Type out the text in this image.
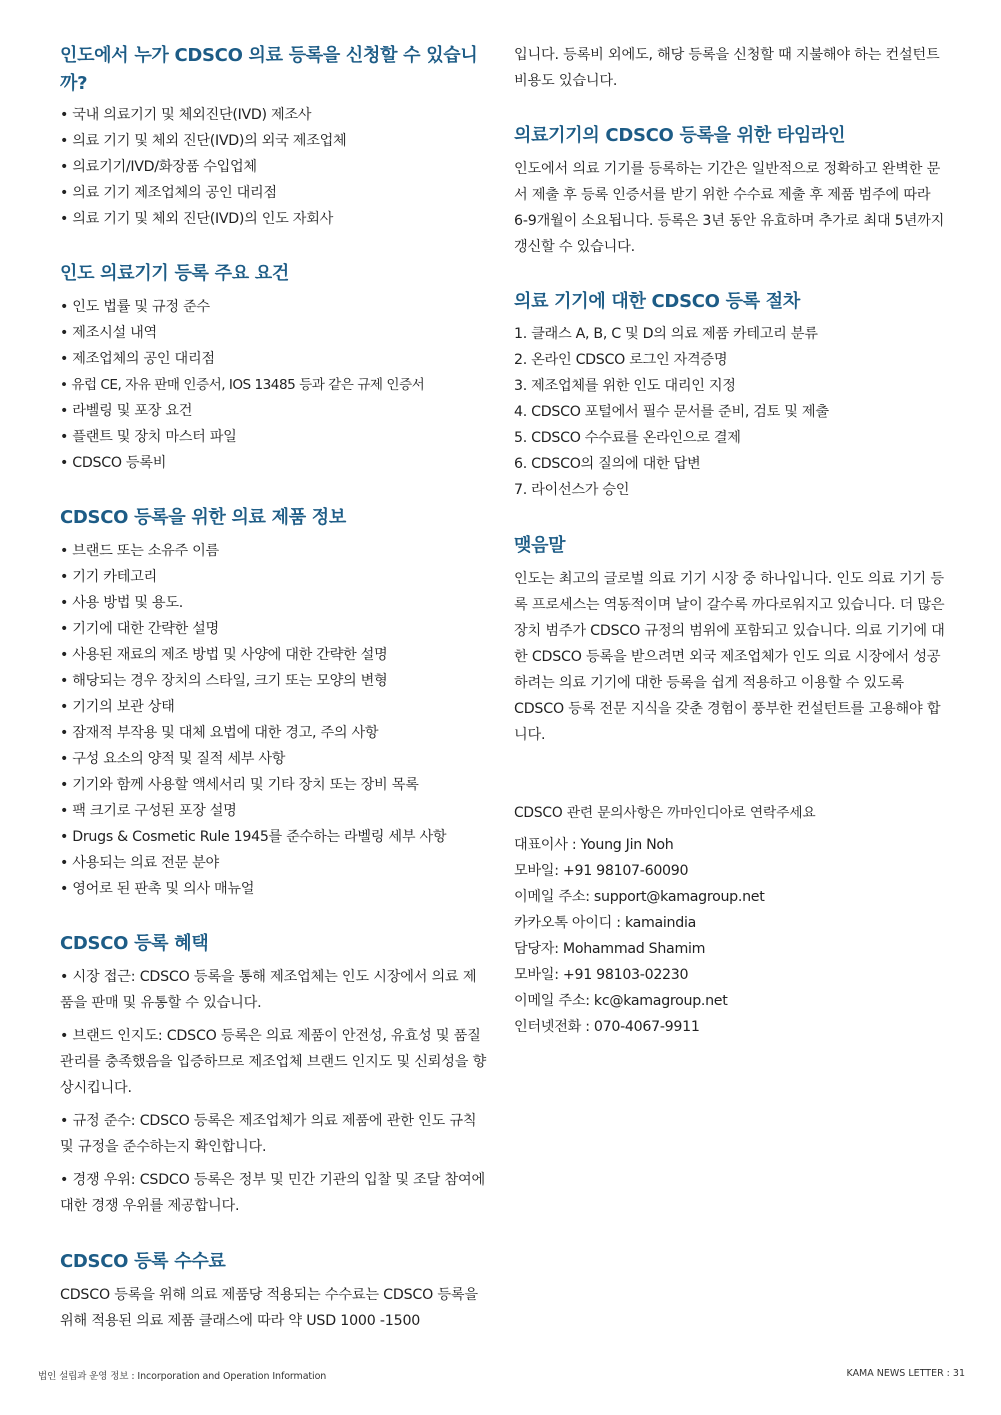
인도에서 누가 CDSCO 의료 등록을 신청할 수 있습니까?
• 국내 의료기기 및 체외진단(IVD) 제조사
• 의료 기기 및 체외 진단(IVD)의 외국 제조업체
• 의료기기/IVD/화장품 수입업체
• 의료 기기 제조업체의 공인 대리점
• 의료 기기 및 체외 진단(IVD)의 인도 자회사
인도 의료기기 등록 주요 요건
• 인도 법률 및 규정 준수
• 제조시설 내역
• 제조업체의 공인 대리점
• 유럽 CE, 자유 판매 인증서, IOS 13485 등과 같은 규제 인증서
• 라벨링 및 포장 요건
• 플랜트 및 장치 마스터 파일
• CDSCO 등록비
CDSCO 등록을 위한 의료 제품 정보
• 브랜드 또는 소유주 이름
• 기기 카테고리
• 사용 방법 및 용도.
• 기기에 대한 간략한 설명
• 사용된 재료의 제조 방법 및 사양에 대한 간략한 설명
• 해당되는 경우 장치의 스타일, 크기 또는 모양의 변형
• 기기의 보관 상태
• 잠재적 부작용 및 대체 요법에 대한 경고, 주의 사항
• 구성 요소의 양적 및 질적 세부 사항
• 기기와 함께 사용할 액세서리 및 기타 장치 또는 장비 목록
• 팩 크기로 구성된 포장 설명
• Drugs & Cosmetic Rule 1945를 준수하는 라벨링 세부 사항
• 사용되는 의료 전문 분야
• 영어로 된 판촉 및 의사 매뉴얼
CDSCO 등록 혜택

• 시장 접근: CDSCO 등록을 통해 제조업체는 인도 시장에서 의료 제품을 판매 및 유통할 수 있습니다.

• 브랜드 인지도: CDSCO 등록은 의료 제품이 안전성, 유효성 및 품질 관리를 충족했음을 입증하므로 제조업체 브랜드 인지도 및 신뢰성을 향상시킵니다.

• 규정 준수: CDSCO 등록은 제조업체가 의료 제품에 관한 인도 규칙 및 규정을 준수하는지 확인합니다.

• 경쟁 우위: CSDCO 등록은 정부 및 민간 기관의 입찰 및 조달 참여에 대한 경쟁 우위를 제공합니다.

CDSCO 등록 수수료

CDSCO 등록을 위해 의료 제품당 적용되는 수수료는 CDSCO 등록을 위해 적용된 의료 제품 클래스에 따라 약 USD 1000 -1500

입니다. 등록비 외에도, 해당 등록을 신청할 때 지불해야 하는 컨설턴트 비용도 있습니다.

의료기기의 CDSCO 등록을 위한 타임라인

인도에서 의료 기기를 등록하는 기간은 일반적으로 정확하고 완벽한 문서 제출 후 등록 인증서를 받기 위한 수수료 제출 후 제품 범주에 따라 6-9개월이 소요됩니다. 등록은 3년 동안 유효하며 추가로 최대 5년까지 갱신할 수 있습니다.

의료 기기에 대한 CDSCO 등록 절차
1. 클래스 A, B, C 및 D의 의료 제품 카테고리 분류
2. 온라인 CDSCO 로그인 자격증명
3. 제조업체를 위한 인도 대리인 지정
4. CDSCO 포털에서 필수 문서를 준비, 검토 및 제출
5. CDSCO 수수료를 온라인으로 결제
6. CDSCO의 질의에 대한 답변
7. 라이선스가 승인
맺음말

인도는 최고의 글로벌 의료 기기 시장 중 하나입니다. 인도 의료 기기 등록 프로세스는 역동적이며 날이 갈수록 까다로워지고 있습니다. 더 많은 장치 범주가 CDSCO 규정의 범위에 포함되고 있습니다. 의료 기기에 대한 CDSCO 등록을 받으려면 외국 제조업체가 인도 의료 시장에서 성공하려는 의료 기기에 대한 등록을 쉽게 적용하고 이용할 수 있도록 CDSCO 등록 전문 지식을 갖춘 경험이 풍부한 컨설턴트를 고용해야 합니다.

CDSCO 관련 문의사항은 까마인디아로 연락주세요

대표이사 : Young Jin Noh
모바일: +91 98107-60090
이메일 주소: support@kamagroup.net
카카오톡 아이디 : kamaindia
담당자: Mohammad Shamim
모바일: +91 98103-02230
이메일 주소: kc@kamagroup.net
인터넷전화 : 070-4067-9911
법인 설립과 운영 정보 : Incorporation and Operation Information	KAMA NEWS LETTER : 31
